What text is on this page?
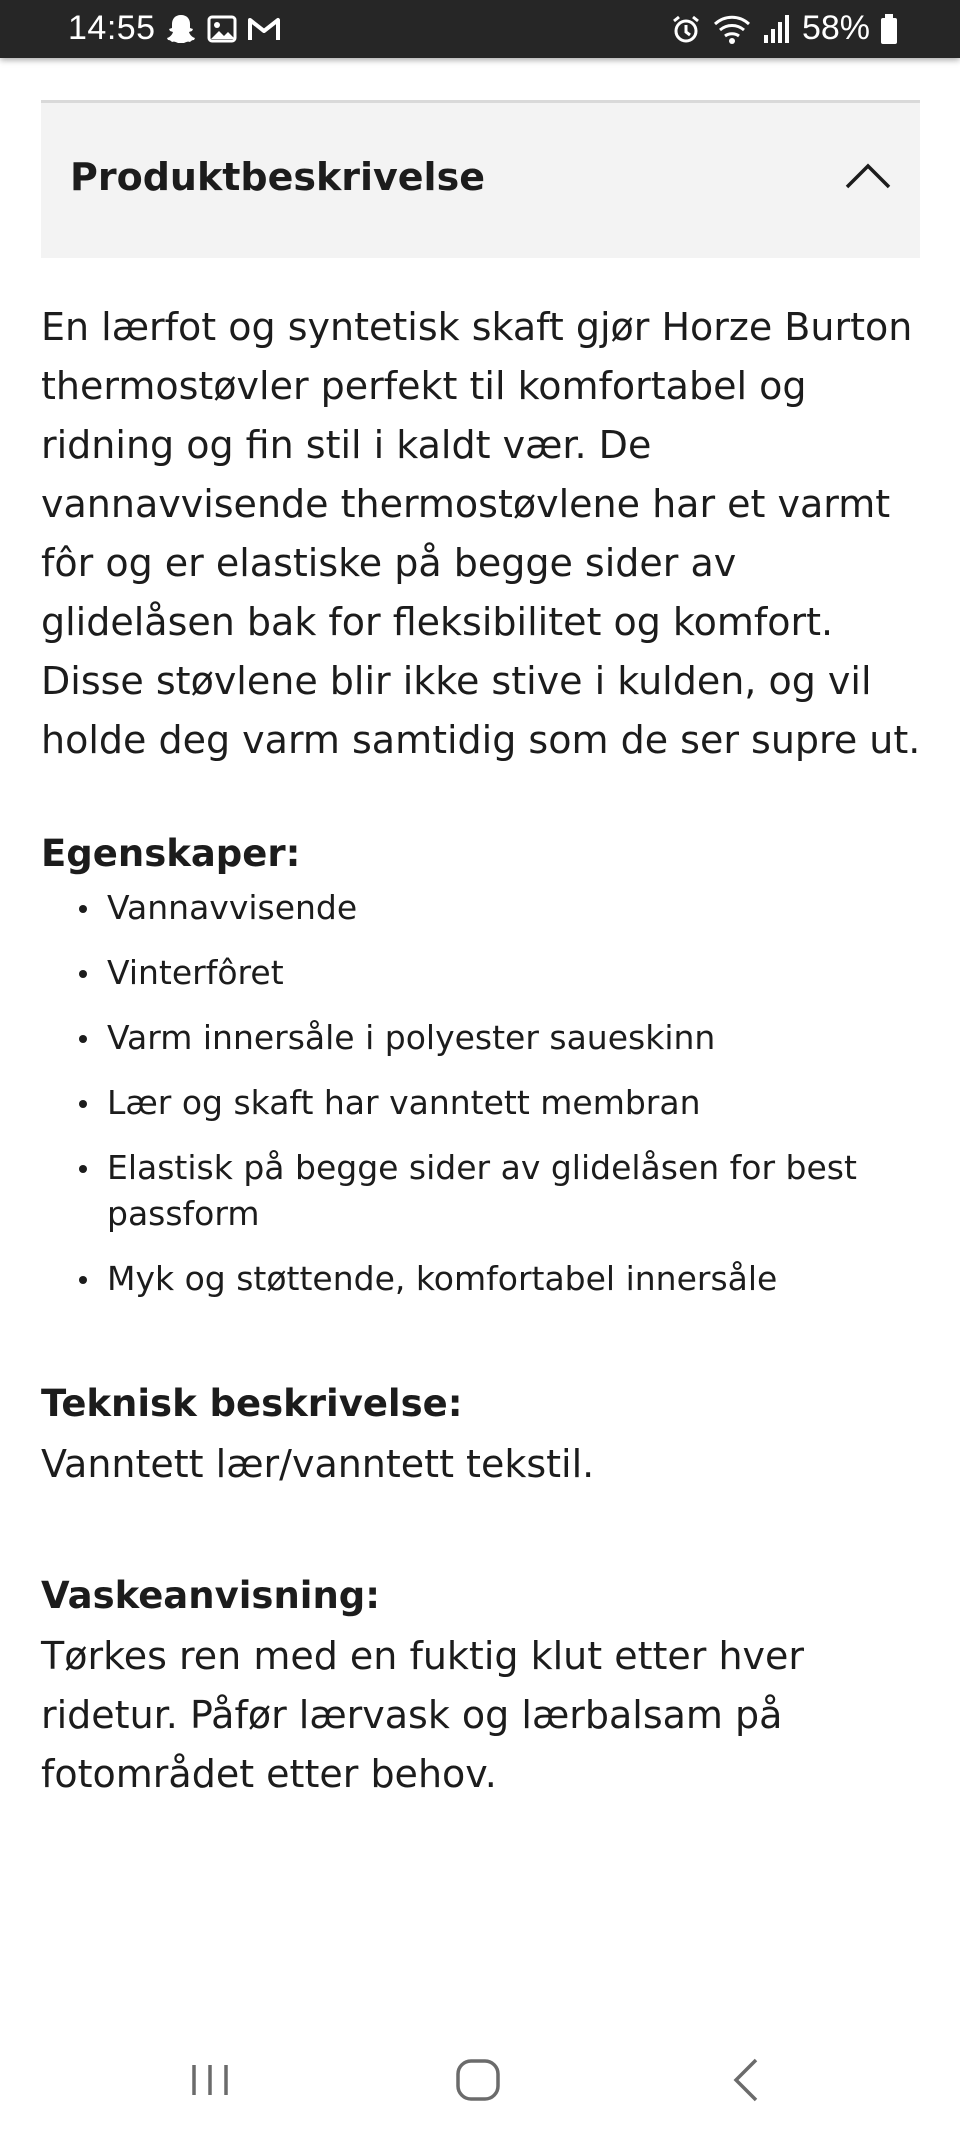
14:55	58%
Produktbeskrivelse

En lærfot og syntetisk skaft gjør Horze Burton thermostøvler perfekt til komfortabel og ridning og fin stil i kaldt vær. De vannavvisende thermostøvlene har et varmt fôr og er elastiske på begge sider av glidelåsen bak for fleksibilitet og komfort. Disse støvlene blir ikke stive i kulden, og vil holde deg varm samtidig som de ser supre ut.

Egenskaper:
Vannavvisende
Vinterfôret
Varm innersåle i polyester saueskinn
Lær og skaft har vanntett membran
Elastisk på begge sider av glidelåsen for best passform
Myk og støttende, komfortabel innersåle
Teknisk beskrivelse:

Vanntett lær/vanntett tekstil.

Vaskeanvisning:

Tørkes ren med en fuktig klut etter hver ridetur. Påfør lærvask og lærbalsam på fotområdet etter behov.
